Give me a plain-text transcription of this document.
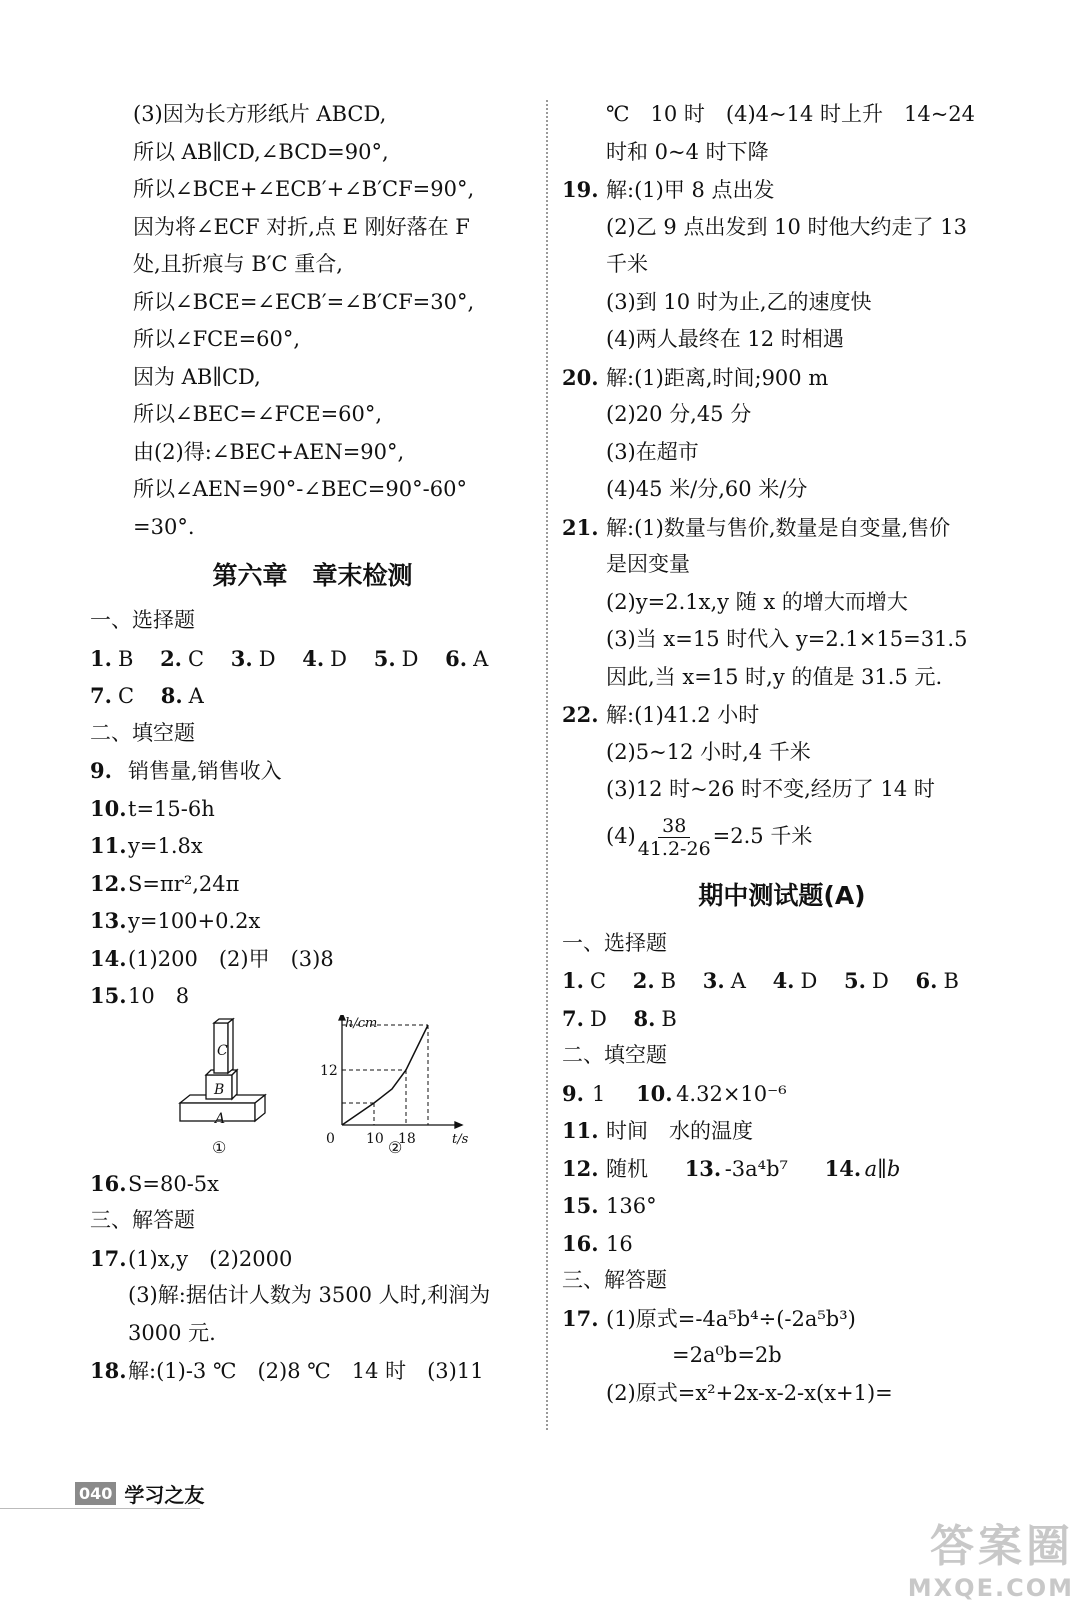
(3)因为长方形纸片 ABCD,
所以 AB∥CD,∠BCD=90°,
所以∠BCE+∠ECB′+∠B′CF=90°,
因为将∠ECF 对折,点 E 刚好落在 F
处,且折痕与 B′C 重合,
所以∠BCE=∠ECB′=∠B′CF=30°,
所以∠FCE=60°,
因为 AB∥CD,
所以∠BEC=∠FCE=60°,
由(2)得:∠BEC+AEN=90°,
所以∠AEN=90°-∠BEC=90°-60°
=30°.
第六章　章末检测
一、选择题
1. B 2. C 3. D 4. D 5. D 6. A
7. C 8. A
二、填空题
9. 销售量,销售收入
10.t=15-6h
11.y=1.8x
12.S=πr²,24π
13.y=100+0.2x
14.(1)200　(2)甲　(3)8
15.10　8
A
B
C
①
h/cm
t/s
12
0 10 18
②
16.S=80-5x
三、解答题
17.(1)x,y　(2)2000
(3)解:据估计人数为 3500 人时,利润为
3000 元.
18.解:(1)-3 ℃　(2)8 ℃　14 时　(3)11
℃　10 时　(4)4~14 时上升　14~24
时和 0~4 时下降
19. 解:(1)甲 8 点出发
(2)乙 9 点出发到 10 时他大约走了 13
千米
(3)到 10 时为止,乙的速度快
(4)两人最终在 12 时相遇
20. 解:(1)距离,时间;900 m
(2)20 分,45 分
(3)在超市
(4)45 米/分,60 米/分
21. 解:(1)数量与售价,数量是自变量,售价
是因变量
(2)y=2.1x,y 随 x 的增大而增大
(3)当 x=15 时代入 y=2.1×15=31.5
因此,当 x=15 时,y 的值是 31.5 元.
22. 解:(1)41.2 小时
(2)5~12 小时,4 千米
(3)12 时~26 时不变,经历了 14 时
$(4) \frac{38}{41.2-26} =2.5$ 千米
期中测试题(A)
一、选择题
1. C 2. B 3. A 4. D 5. D 6. B
7. D 8. B
二、填空题
9. 1 10. 4.32×10⁻⁶
11. 时间　水的温度
12. 随机 13. -3a⁴b⁷ 14. a∥b
15. 136°
16. 16
三、解答题
17. (1)原式=-4a⁵b⁴÷(-2a⁵b³)
=2a⁰b=2b
(2)原式=x²+2x-x-2-x(x+1)=
040 学习之友
答案圈
MXQE.COM
